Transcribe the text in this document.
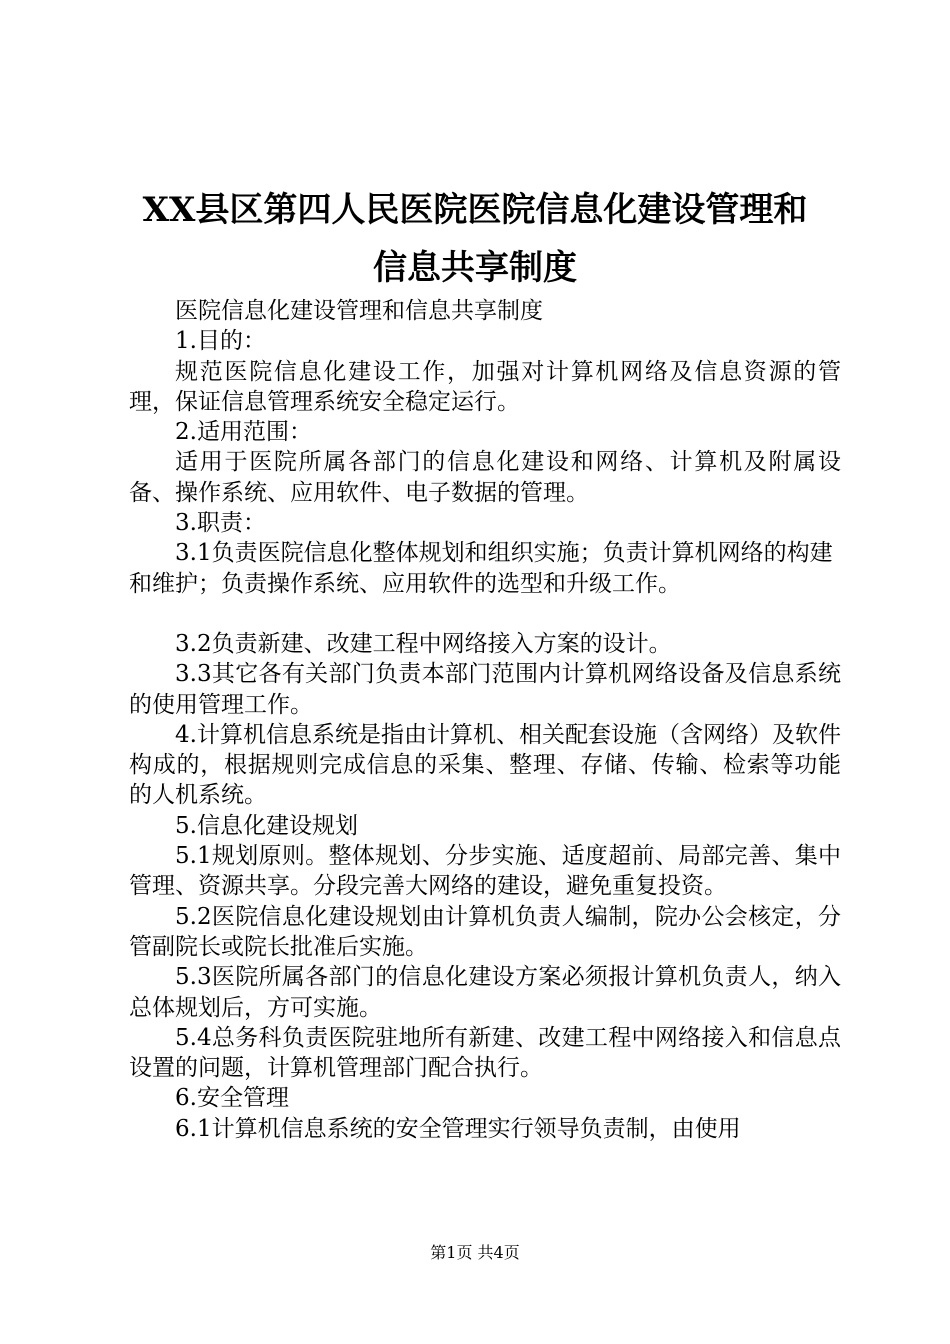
XX县区第四人民医院医院信息化建设管理和
信息共享制度

医院信息化建设管理和信息共享制度

1.目的：

规范医院信息化建设工作，加强对计算机网络及信息资源的管理，保证信息管理系统安全稳定运行。

2.适用范围：

适用于医院所属各部门的信息化建设和网络、计算机及附属设备、操作系统、应用软件、电子数据的管理。

3.职责：

3.1负责医院信息化整体规划和组织实施；负责计算机网络的构建和维护；负责操作系统、应用软件的选型和升级工作。

3.2负责新建、改建工程中网络接入方案的设计。

3.3其它各有关部门负责本部门范围内计算机网络设备及信息系统的使用管理工作。

4.计算机信息系统是指由计算机、相关配套设施（含网络）及软件构成的，根据规则完成信息的采集、整理、存储、传输、检索等功能的人机系统。

5.信息化建设规划

5.1规划原则。整体规划、分步实施、适度超前、局部完善、集中管理、资源共享。分段完善大网络的建设，避免重复投资。

5.2医院信息化建设规划由计算机负责人编制，院办公会核定，分管副院长或院长批准后实施。

5.3医院所属各部门的信息化建设方案必须报计算机负责人，纳入总体规划后，方可实施。

5.4总务科负责医院驻地所有新建、改建工程中网络接入和信息点设置的问题，计算机管理部门配合执行。

6.安全管理

6.1计算机信息系统的安全管理实行领导负责制，由使用

第1页 共4页
